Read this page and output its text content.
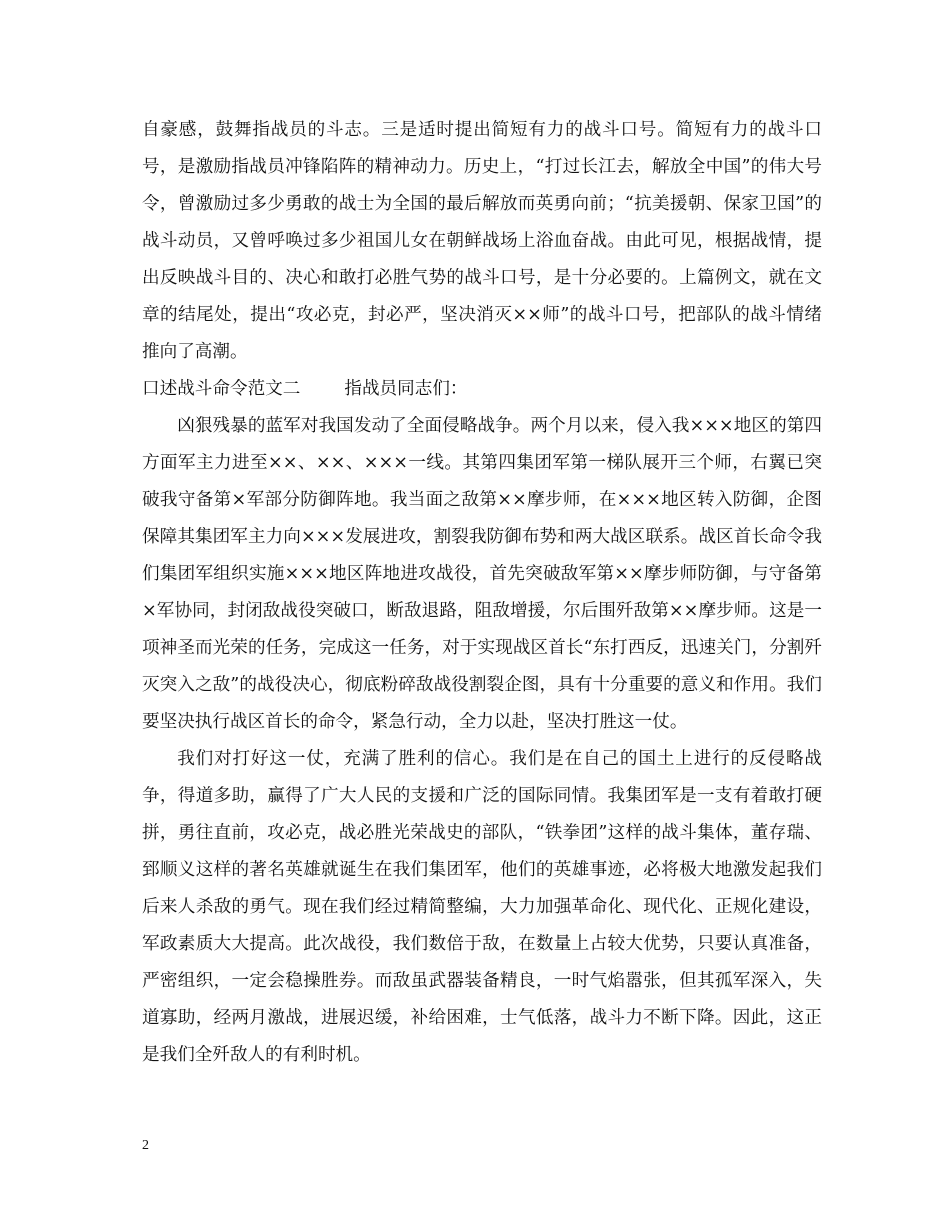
自豪感，鼓舞指战员的斗志。三是适时提出简短有力的战斗口号。简短有力的战斗口号，是激励指战员冲锋陷阵的精神动力。历史上，“打过长江去，解放全中国”的伟大号令，曾激励过多少勇敢的战士为全国的最后解放而英勇向前；“抗美援朝、保家卫国”的战斗动员，又曾呼唤过多少祖国儿女在朝鲜战场上浴血奋战。由此可见，根据战情，提出反映战斗目的、决心和敢打必胜气势的战斗口号，是十分必要的。上篇例文，就在文章的结尾处，提出“攻必克，封必严，坚决消灭××师”的战斗口号，把部队的战斗情绪推向了高潮。

口述战斗命令范文二	指战员同志们：

凶狠残暴的蓝军对我国发动了全面侵略战争。两个月以来，侵入我×××地区的第四方面军主力进至××、××、×××一线。其第四集团军第一梯队展开三个师，右翼已突破我守备第×军部分防御阵地。我当面之敌第××摩步师，在×××地区转入防御，企图保障其集团军主力向×××发展进攻，割裂我防御布势和两大战区联系。战区首长命令我们集团军组织实施×××地区阵地进攻战役，首先突破敌军第××摩步师防御，与守备第×军协同，封闭敌战役突破口，断敌退路，阻敌增援，尔后围歼敌第××摩步师。这是一项神圣而光荣的任务，完成这一任务，对于实现战区首长“东打西反，迅速关门，分割歼灭突入之敌”的战役决心，彻底粉碎敌战役割裂企图，具有十分重要的意义和作用。我们要坚决执行战区首长的命令，紧急行动，全力以赴，坚决打胜这一仗。

我们对打好这一仗，充满了胜利的信心。我们是在自己的国土上进行的反侵略战争，得道多助，赢得了广大人民的支援和广泛的国际同情。我集团军是一支有着敢打硬拼，勇往直前，攻必克，战必胜光荣战史的部队，“铁拳团”这样的战斗集体，董存瑞、郅顺义这样的著名英雄就诞生在我们集团军，他们的英雄事迹，必将极大地激发起我们后来人杀敌的勇气。现在我们经过精简整编，大力加强革命化、现代化、正规化建设，军政素质大大提高。此次战役，我们数倍于敌，在数量上占较大优势，只要认真准备，严密组织，一定会稳操胜券。而敌虽武器装备精良，一时气焰嚣张，但其孤军深入，失道寡助，经两月激战，进展迟缓，补给困难，士气低落，战斗力不断下降。因此，这正是我们全歼敌人的有利时机。

2
